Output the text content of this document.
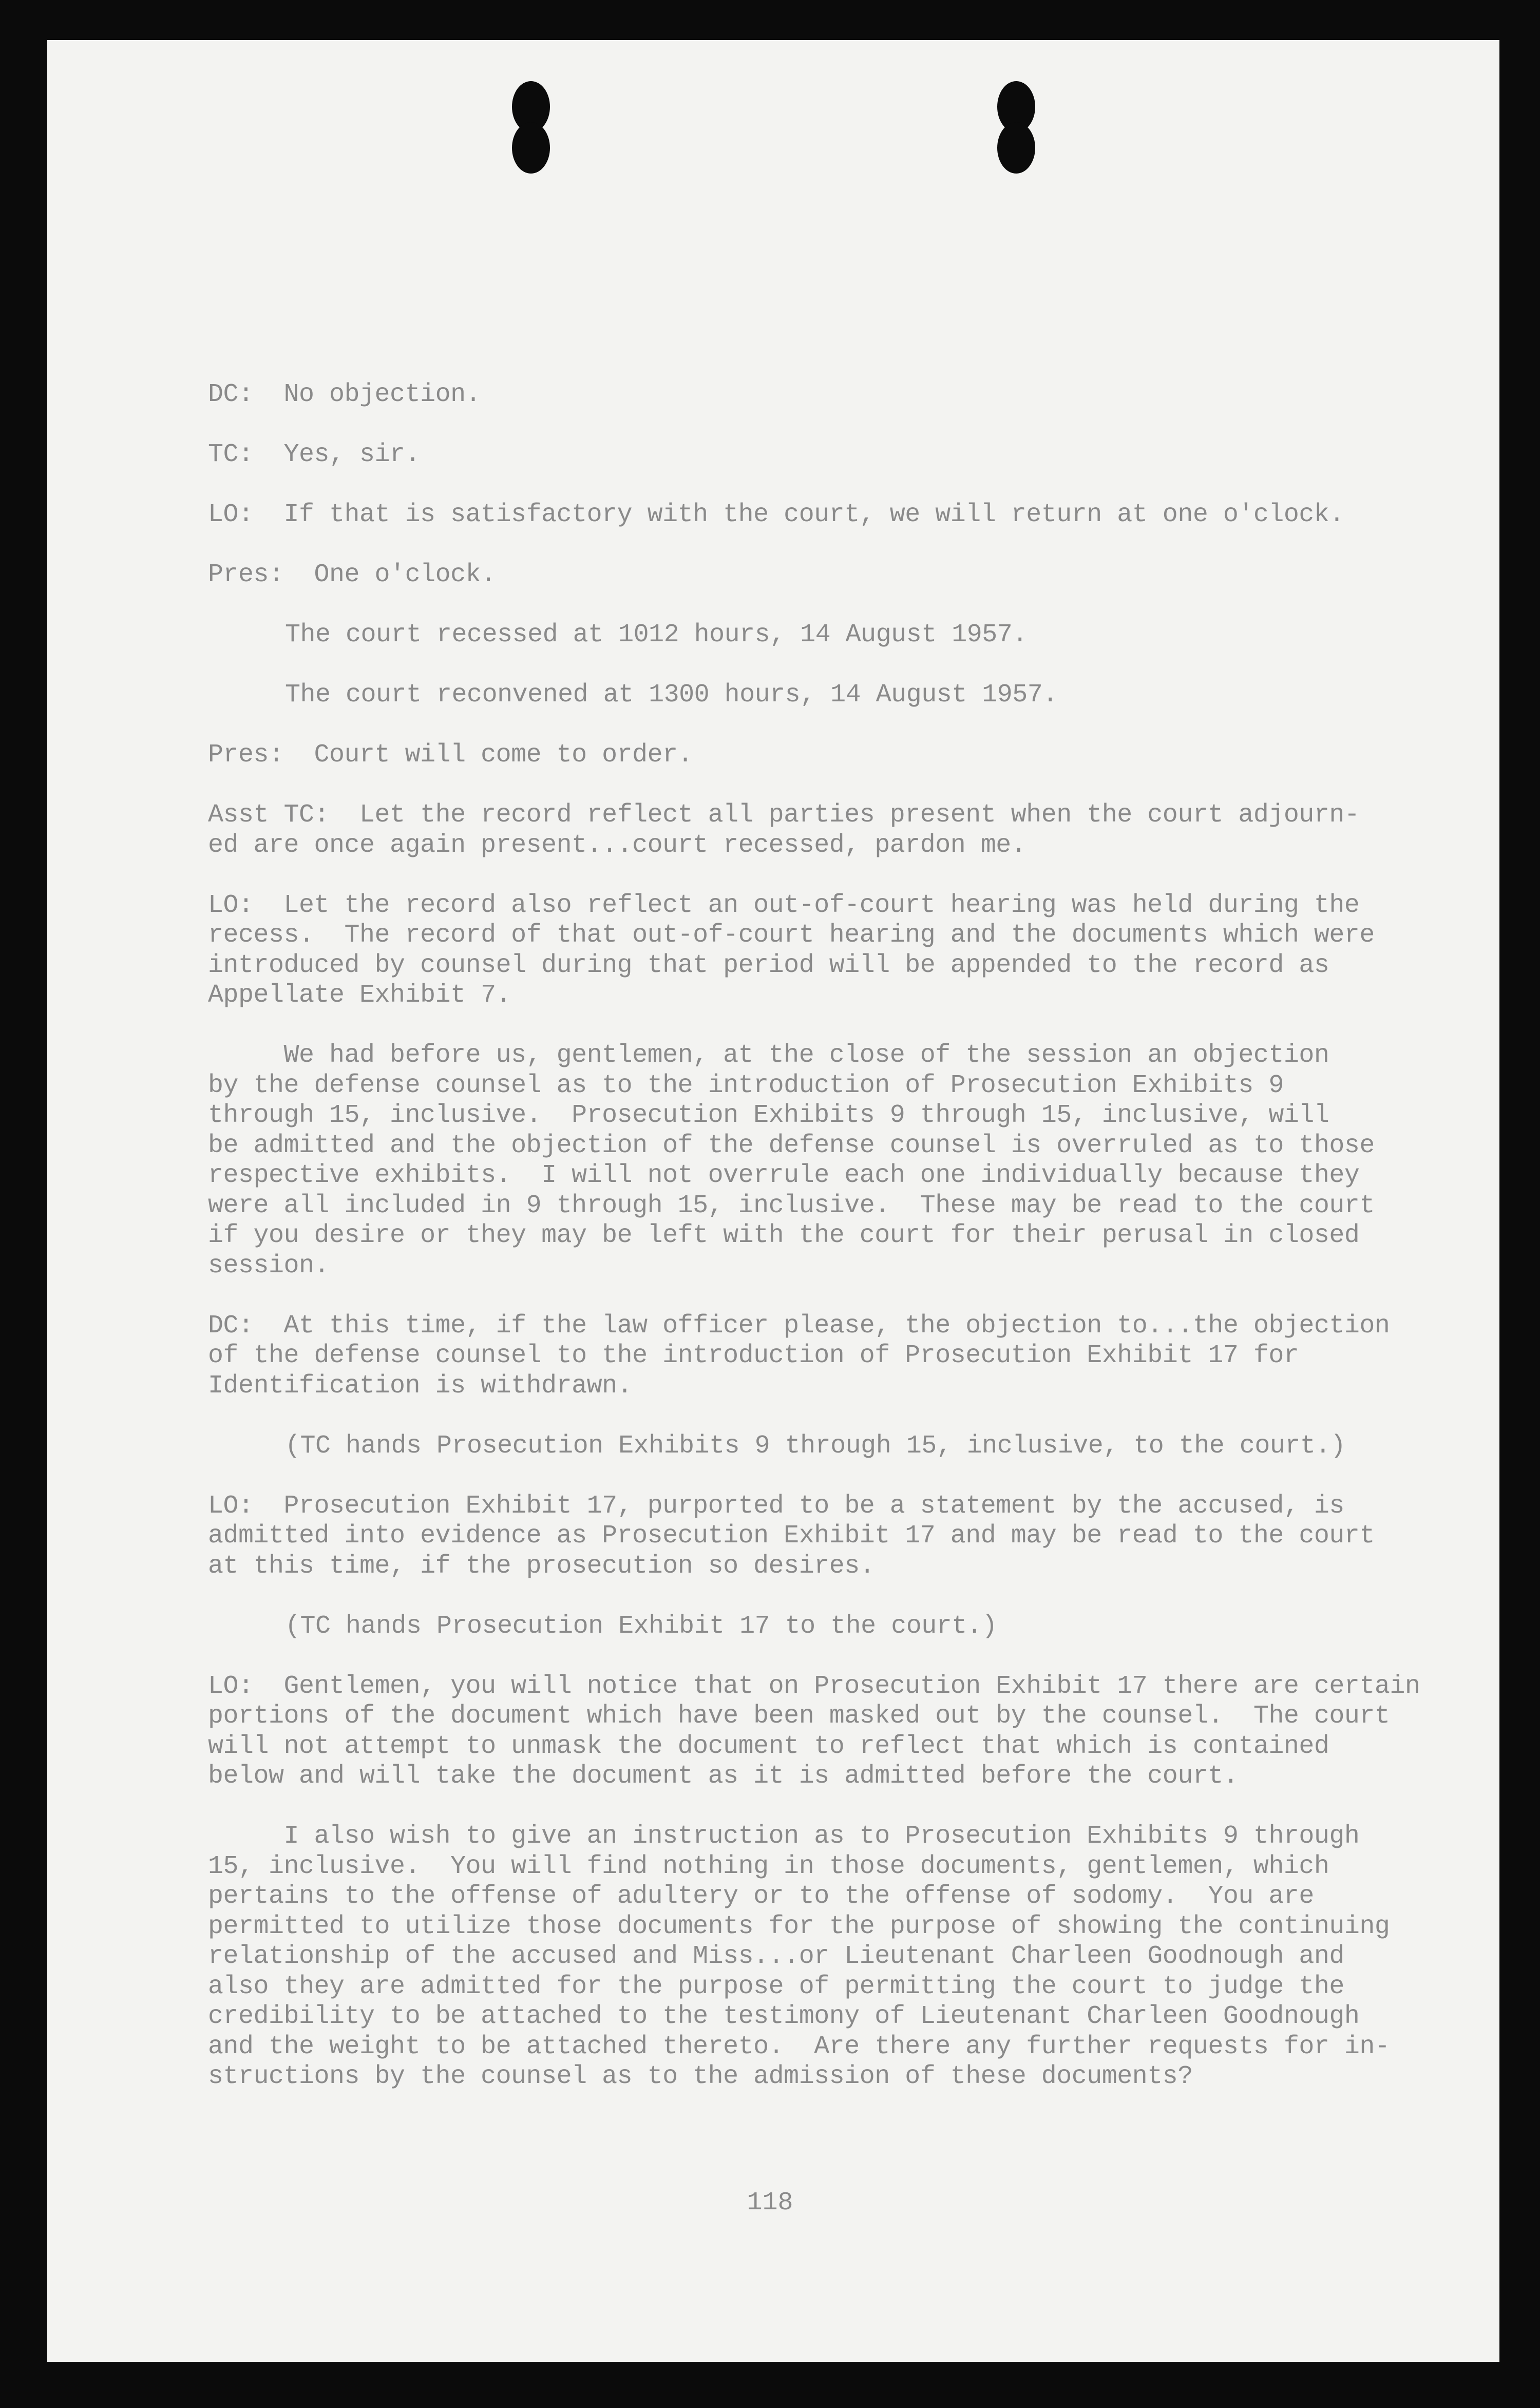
DC:  No objection.
TC:  Yes, sir.
LO:  If that is satisfactory with the court, we will return at one o'clock.
Pres:  One o'clock.
The court recessed at 1012 hours, 14 August 1957.
The court reconvened at 1300 hours, 14 August 1957.
Pres:  Court will come to order.
Asst TC:  Let the record reflect all parties present when the court adjourn-
ed are once again present...court recessed, pardon me.
LO:  Let the record also reflect an out-of-court hearing was held during the
recess.  The record of that out-of-court hearing and the documents which were
introduced by counsel during that period will be appended to the record as
Appellate Exhibit 7.
We had before us, gentlemen, at the close of the session an objection
by the defense counsel as to the introduction of Prosecution Exhibits 9
through 15, inclusive.  Prosecution Exhibits 9 through 15, inclusive, will
be admitted and the objection of the defense counsel is overruled as to those
respective exhibits.  I will not overrule each one individually because they
were all included in 9 through 15, inclusive.  These may be read to the court
if you desire or they may be left with the court for their perusal in closed
session.
DC:  At this time, if the law officer please, the objection to...the objection
of the defense counsel to the introduction of Prosecution Exhibit 17 for
Identification is withdrawn.
(TC hands Prosecution Exhibits 9 through 15, inclusive, to the court.)
LO:  Prosecution Exhibit 17, purported to be a statement by the accused, is
admitted into evidence as Prosecution Exhibit 17 and may be read to the court
at this time, if the prosecution so desires.
(TC hands Prosecution Exhibit 17 to the court.)
LO:  Gentlemen, you will notice that on Prosecution Exhibit 17 there are certain
portions of the document which have been masked out by the counsel.  The court
will not attempt to unmask the document to reflect that which is contained
below and will take the document as it is admitted before the court.
I also wish to give an instruction as to Prosecution Exhibits 9 through
15, inclusive.  You will find nothing in those documents, gentlemen, which
pertains to the offense of adultery or to the offense of sodomy.  You are
permitted to utilize those documents for the purpose of showing the continuing
relationship of the accused and Miss...or Lieutenant Charleen Goodnough and
also they are admitted for the purpose of permitting the court to judge the
credibility to be attached to the testimony of Lieutenant Charleen Goodnough
and the weight to be attached thereto.  Are there any further requests for in-
structions by the counsel as to the admission of these documents?
118
